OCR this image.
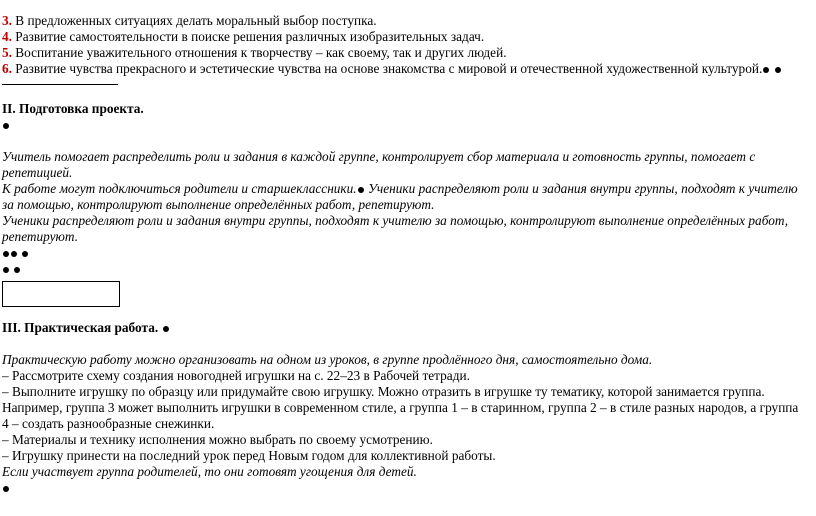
3. В предложенных ситуациях делать моральный выбор поступка.
4. Развитие самостоятельности в поиске решения различных изобразительных задач.
5. Воспитание уважительного отношения к творчеству – как своему, так и других людей.
6. Развитие чувства прекрасного и эстетические чувства на основе знакомства с мировой и отечественной художественной культурой.
II. Подготовка проекта.
Учитель помогает распределить роли и задания в каждой группе, контролирует сбор материала и готовность группы, помогает с
репетицией.
К работе могут подключиться родители и старшеклассники. Ученики распределяют роли и задания внутри группы, подходят к учителю
за помощью, контролируют выполнение определённых работ, репетируют.
Ученики распределяют роли и задания внутри группы, подходят к учителю за помощью, контролируют выполнение определённых работ,
репетируют.

III. Практическая работа.
Практическую работу можно организовать на одном из уроков, в группе продлённого дня, самостоятельно дома.
– Рассмотрите схему создания новогодней игрушки на с. 22–23 в Рабочей тетради.
– Выполните игрушку по образцу или придумайте свою игрушку. Можно отразить в игрушке ту тематику, которой занимается группа.
Например, группа 3 может выполнить игрушки в современном стиле, а группа 1 – в старинном, группа 2 – в стиле разных народов, а группа
4 – создать разнообразные снежинки.
– Материалы и технику исполнения можно выбрать по своему усмотрению.
– Игрушку принести на последний урок перед Новым годом для коллективной работы.
Если участвует группа родителей, то они готовят угощения для детей.
